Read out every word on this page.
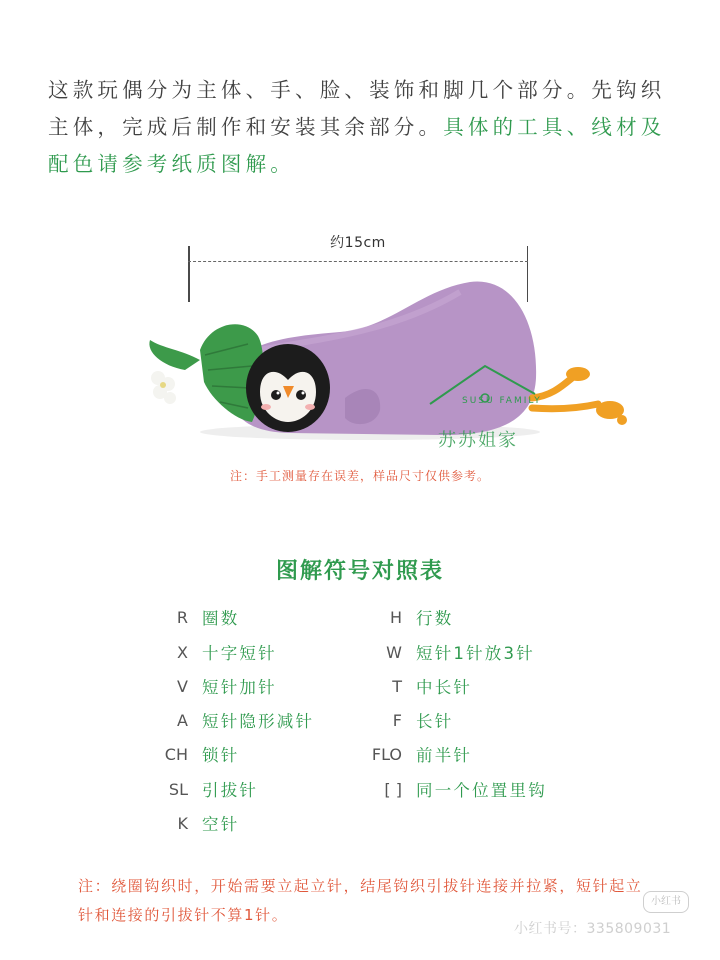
这款玩偶分为主体、手、脸、装饰和脚几个部分。先钩织主体，完成后制作和安装其余部分。具体的工具、线材及配色请参考纸质图解。
约15cm
SUSU FAMILY
苏苏姐家
注：手工测量存在误差，样品尺寸仅供参考。
图解符号对照表
R 圈数
X 十字短针
V 短针加针
A 短针隐形减针
CH 锁针
SL 引拔针
K 空针
H 行数
W 短针1针放3针
T 中长针
F 长针
FLO 前半针
[ ] 同一个位置里钩
注：绕圈钩织时，开始需要立起立针，结尾钩织引拔针连接并拉紧，短针起立针和连接的引拔针不算1针。
小红书
小红书号：335809031
